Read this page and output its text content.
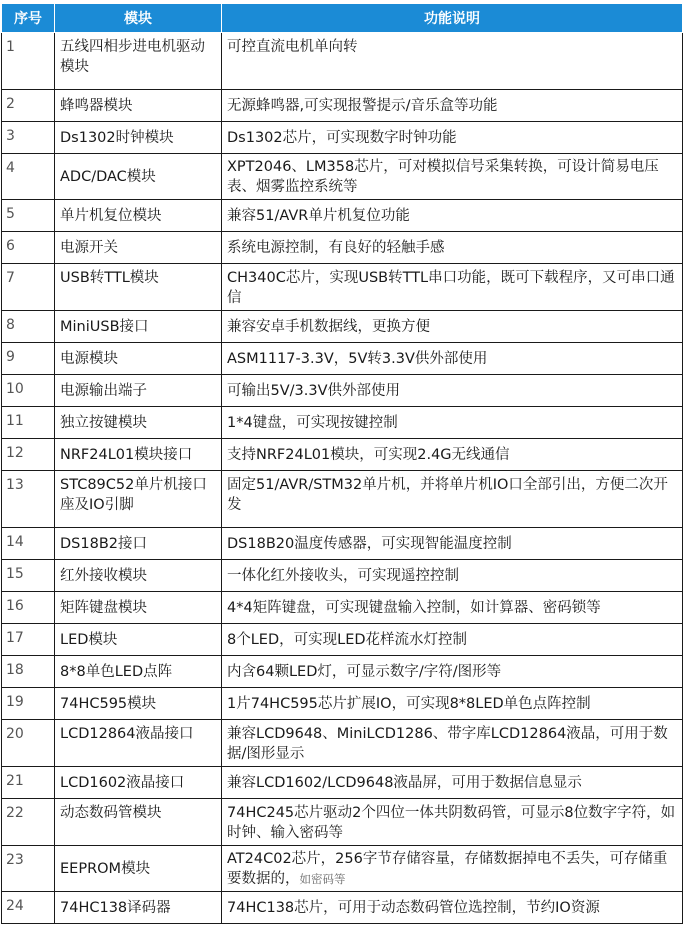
序号	模块	功能说明
1	五线四相步进电机驱动模块	可控直流电机单向转
2	蜂鸣器模块	无源蜂鸣器,可实现报警提示/音乐盒等功能
3	Ds1302时钟模块	Ds1302芯片，可实现数字时钟功能
4	ADC/DAC模块	XPT2046、LM358芯片，可对模拟信号采集转换，可设计简易电压表、烟雾监控系统等
5	单片机复位模块	兼容51/AVR单片机复位功能
6	电源开关	系统电源控制，有良好的轻触手感
7	USB转TTL模块	CH340C芯片，实现USB转TTL串口功能，既可下载程序，又可串口通信
8	MiniUSB接口	兼容安卓手机数据线，更换方便
9	电源模块	ASM1117-3.3V，5V转3.3V供外部使用
10	电源输出端子	可输出5V/3.3V供外部使用
11	独立按键模块	1*4键盘，可实现按键控制
12	NRF24L01模块接口	支持NRF24L01模块，可实现2.4G无线通信
13	STC89C52单片机接口座及IO引脚	固定51/AVR/STM32单片机，并将单片机IO口全部引出，方便二次开发
14	DS18B2接口	DS18B20温度传感器，可实现智能温度控制
15	红外接收模块	一体化红外接收头，可实现遥控控制
16	矩阵键盘模块	4*4矩阵键盘，可实现键盘输入控制，如计算器、密码锁等
17	LED模块	8个LED，可实现LED花样流水灯控制
18	8*8单色LED点阵	内含64颗LED灯，可显示数字/字符/图形等
19	74HC595模块	1片74HC595芯片扩展IO，可实现8*8LED单色点阵控制
20	LCD12864液晶接口	兼容LCD9648、MiniLCD1286、带字库LCD12864液晶，可用于数据/图形显示
21	LCD1602液晶接口	兼容LCD1602/LCD9648液晶屏，可用于数据信息显示
22	动态数码管模块	74HC245芯片驱动2个四位一体共阴数码管，可显示8位数字字符，如时钟、输入密码等
23	EEPROM模块	AT24C02芯片，256字节存储容量，存储数据掉电不丢失，可存储重要数据的，如密码等
24	74HC138译码器	74HC138芯片，可用于动态数码管位选控制，节约IO资源
